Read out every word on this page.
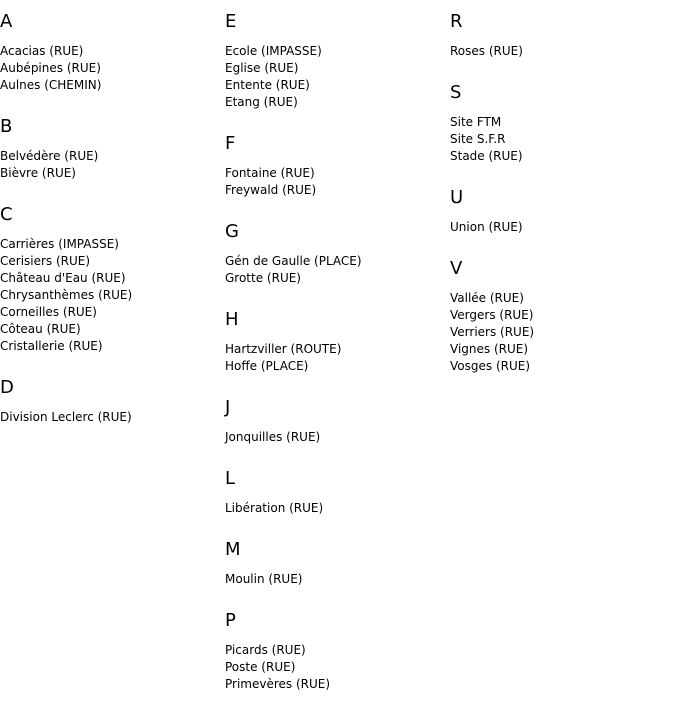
A
Acacias (RUE)
Aubépines (RUE)
Aulnes (CHEMIN)
B
Belvédère (RUE)
Bièvre (RUE)
C
Carrières (IMPASSE)
Cerisiers (RUE)
Château d'Eau (RUE)
Chrysanthèmes (RUE)
Corneilles (RUE)
Côteau (RUE)
Cristallerie (RUE)
D
Division Leclerc (RUE)
E
Ecole (IMPASSE)
Eglise (RUE)
Entente (RUE)
Etang (RUE)
F
Fontaine (RUE)
Freywald (RUE)
G
Gén de Gaulle (PLACE)
Grotte (RUE)
H
Hartzviller (ROUTE)
Hoffe (PLACE)
J
Jonquilles (RUE)
L
Libération (RUE)
M
Moulin (RUE)
P
Picards (RUE)
Poste (RUE)
Primevères (RUE)
R
Roses (RUE)
S
Site FTM
Site S.F.R
Stade (RUE)
U
Union (RUE)
V
Vallée (RUE)
Vergers (RUE)
Verriers (RUE)
Vignes (RUE)
Vosges (RUE)
